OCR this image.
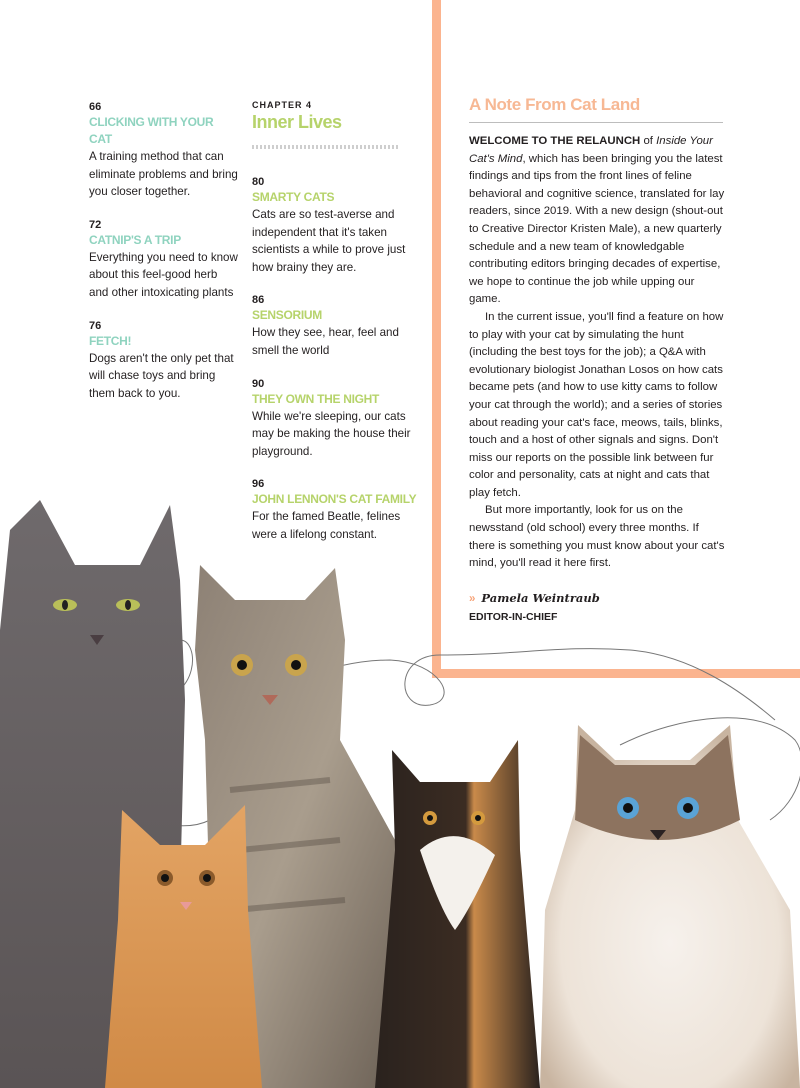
66
CLICKING WITH YOUR CAT
A training method that can eliminate problems and bring you closer together.
72
CATNIP'S A TRIP
Everything you need to know about this feel-good herb and other intoxicating plants
76
FETCH!
Dogs aren't the only pet that will chase toys and bring them back to you.
CHAPTER 4
Inner Lives
80
SMARTY CATS
Cats are so test-averse and independent that it's taken scientists a while to prove just how brainy they are.
86
SENSORIUM
How they see, hear, feel and smell the world
90
THEY OWN THE NIGHT
While we're sleeping, our cats may be making the house their playground.
96
JOHN LENNON'S CAT FAMILY
For the famed Beatle, felines were a lifelong constant.
A Note From Cat Land

WELCOME TO THE RELAUNCH of Inside Your Cat's Mind, which has been bringing you the latest findings and tips from the front lines of feline behavioral and cognitive science, translated for lay readers, since 2019. With a new design (shout-out to Creative Director Kristen Male), a new quarterly schedule and a new team of knowledgable contributing editors bringing decades of expertise, we hope to continue the job while upping our game.

In the current issue, you'll find a feature on how to play with your cat by simulating the hunt (including the best toys for the job); a Q&A with evolutionary biologist Jonathan Losos on how cats became pets (and how to use kitty cams to follow your cat through the world); and a series of stories about reading your cat's face, meows, tails, blinks, touch and a host of other signals and signs. Don't miss our reports on the possible link between fur color and personality, cats at night and cats that play fetch.

But more importantly, look for us on the newsstand (old school) every three months. If there is something you must know about your cat's mind, you'll read it here first.

» Pamela Weintraub
EDITOR-IN-CHIEF
